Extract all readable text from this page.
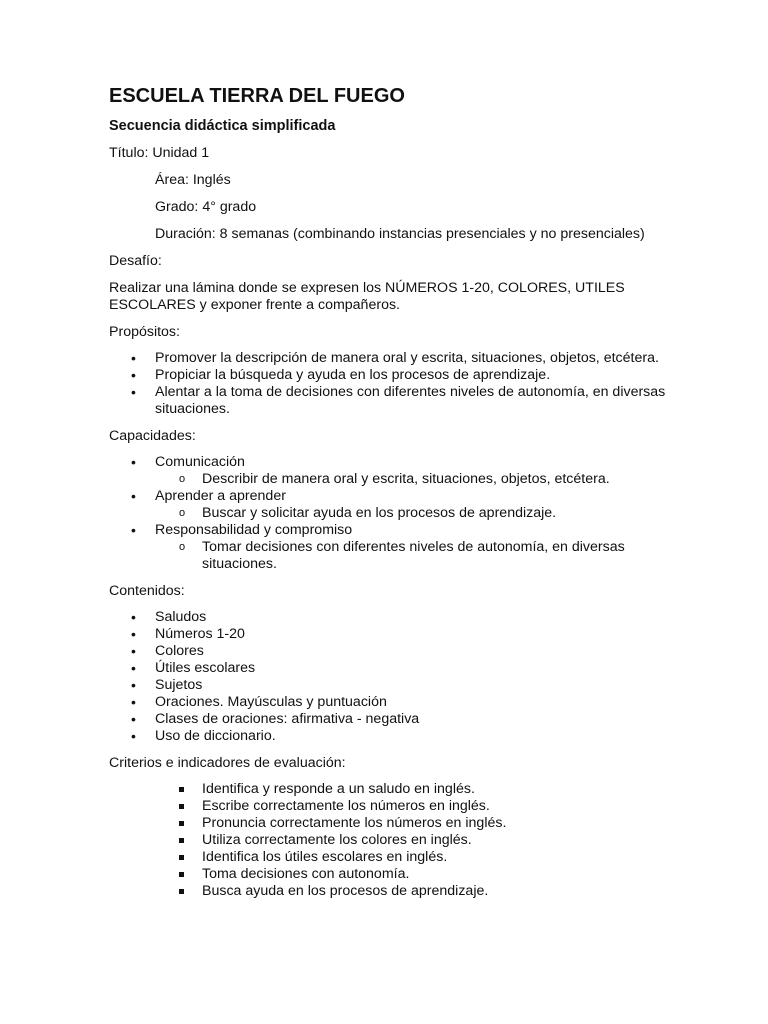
ESCUELA TIERRA DEL FUEGO

Secuencia didáctica simplificada

Título: Unidad 1

Área: Inglés

Grado: 4° grado

Duración: 8 semanas (combinando instancias presenciales y no presenciales)

Desafío:

Realizar una lámina donde se expresen los NÚMEROS 1-20, COLORES, UTILES ESCOLARES y exponer frente a compañeros.

Propósitos:

• Promover la descripción de manera oral y escrita, situaciones, objetos, etcétera.
• Propiciar la búsqueda y ayuda en los procesos de aprendizaje.
• Alentar a la toma de decisiones con diferentes niveles de autonomía, en diversas situaciones.

Capacidades:

• Comunicación
o Describir de manera oral y escrita, situaciones, objetos, etcétera.
• Aprender a aprender
o Buscar y solicitar ayuda en los procesos de aprendizaje.
• Responsabilidad y compromiso
o Tomar decisiones con diferentes niveles de autonomía, en diversas situaciones.

Contenidos:

• Saludos
• Números 1-20
• Colores
• Útiles escolares
• Sujetos
• Oraciones. Mayúsculas y puntuación
• Clases de oraciones: afirmativa - negativa
• Uso de diccionario.

Criterios e indicadores de evaluación:

Identifica y responde a un saludo en inglés.
Escribe correctamente los números en inglés.
Pronuncia correctamente los números en inglés.
Utiliza correctamente los colores en inglés.
Identifica los útiles escolares en inglés.
Toma decisiones con autonomía.
Busca ayuda en los procesos de aprendizaje.
